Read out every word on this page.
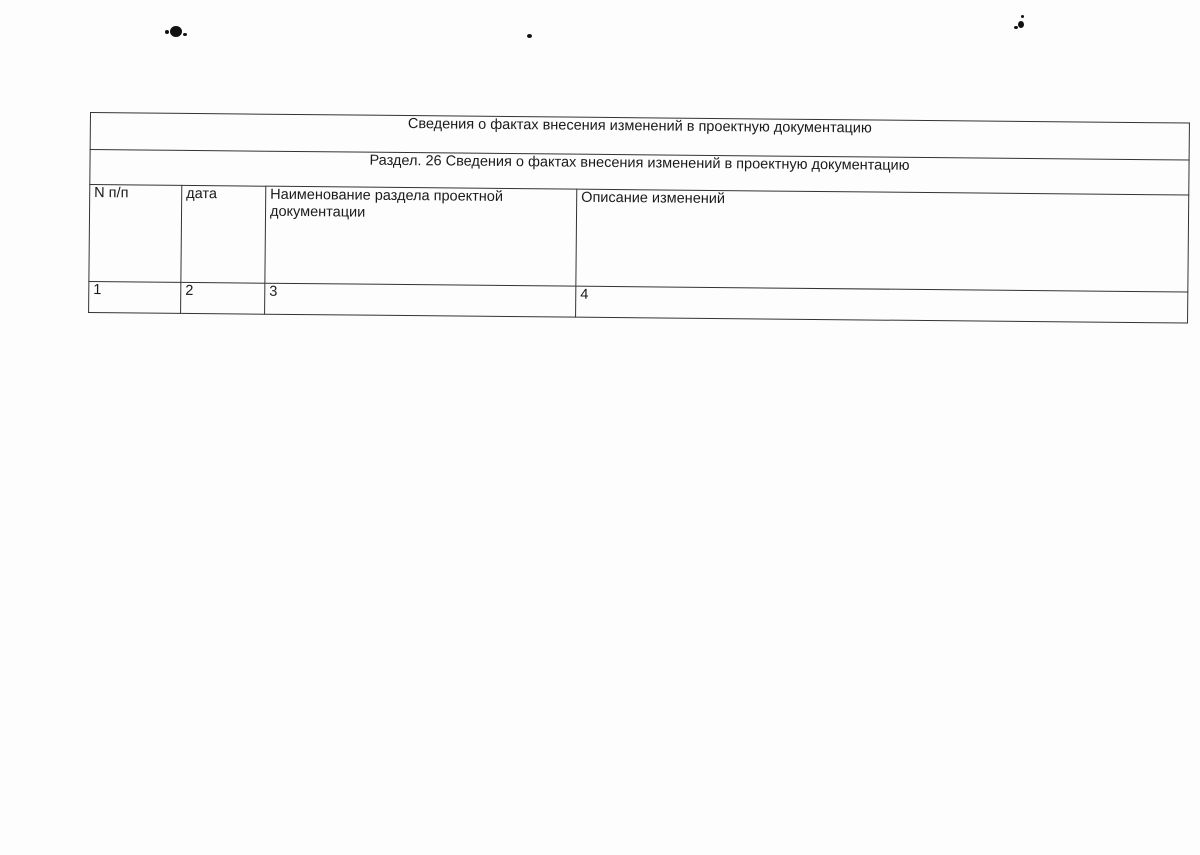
Сведения о фактах внесения изменений в проектную документацию			
Раздел. 26 Сведения о фактах внесения изменений в проектную документацию			
N п/п	дата	Наименование раздела проектной документации	Описание изменений
1	2	3	4
